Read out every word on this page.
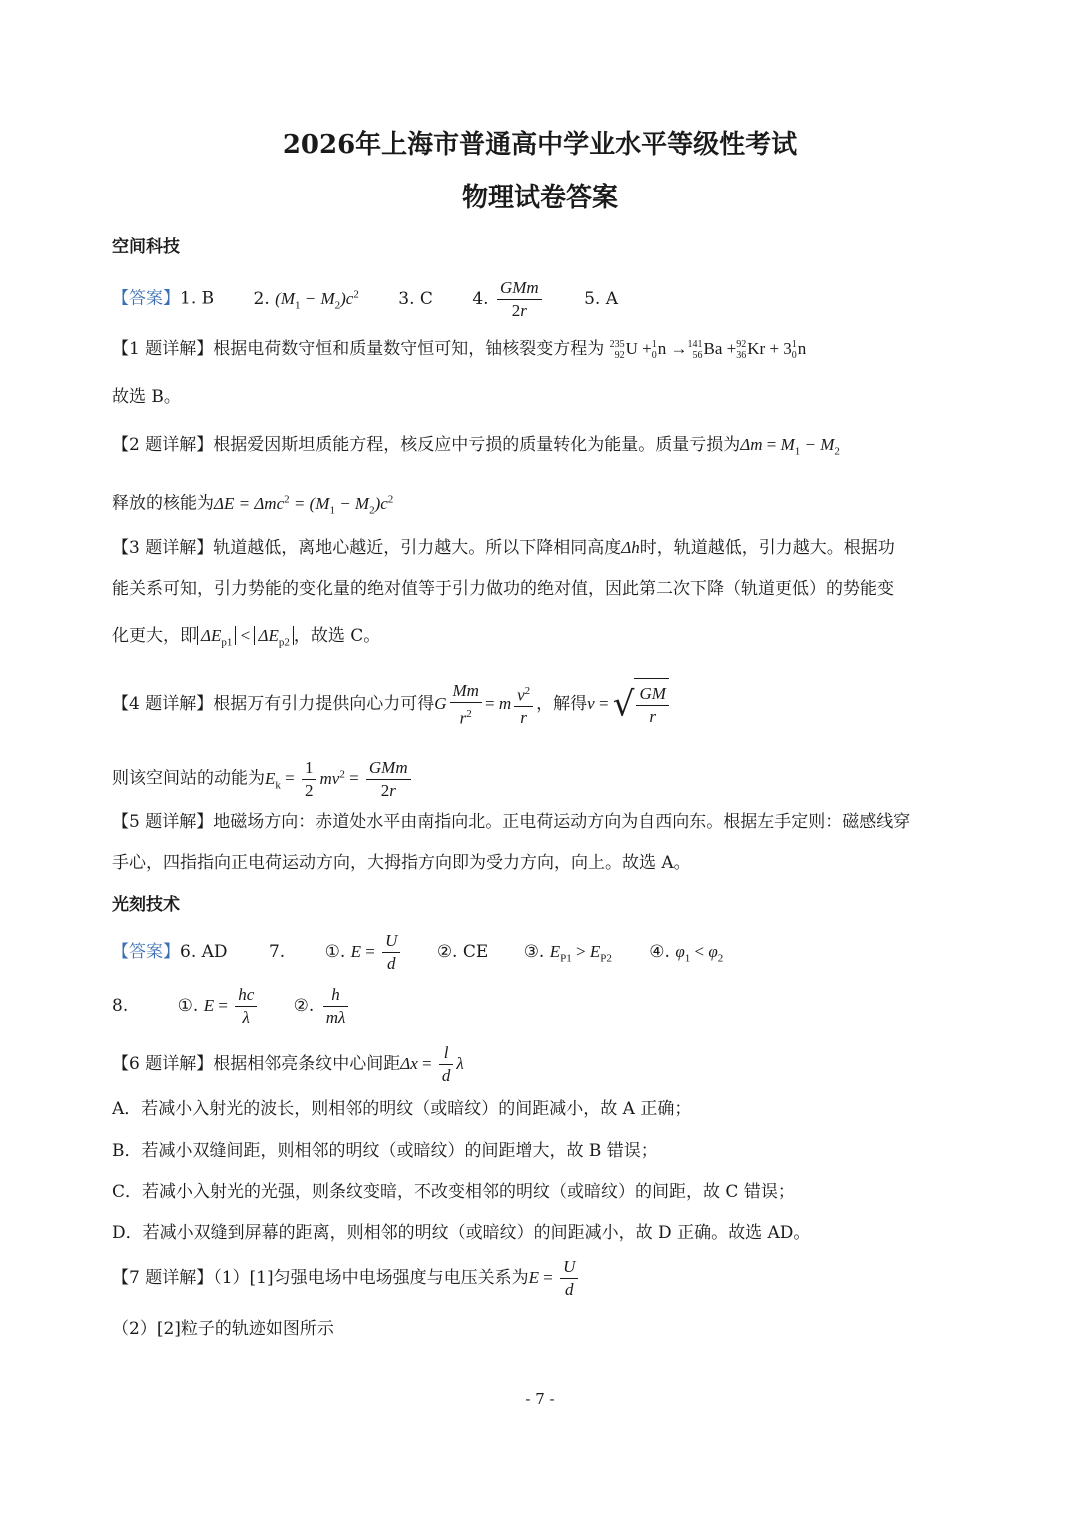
2026年上海市普通高中学业水平等级性考试
物理试卷答案
空间科技
【答案】1. B 2. $(M_1 - M_2)c^2$ 3. C 4. $\frac{\text{GMm}}{2r} 5$. A
【1 题详解】根据电荷数守恒和质量数守恒可知，铀核裂变方程为 235
92U +1
0n →141
56Ba +92
36Kr + 31
0n
故选 B。
【2 题详解】根据爱因斯坦质能方程，核反应中亏损的质量转化为能量。质量亏损为$\Delta m = M_1 - M_2$
释放的核能为$\Delta E = \Delta mc^2 = (M_1 - M_2)c^2$
【3 题详解】轨道越低，离地心越近，引力越大。所以下降相同高度Δh时，轨道越低，引力越大。根据功
能关系可知，引力势能的变化量的绝对值等于引力做功的绝对值，因此第二次下降（轨道更低）的势能变
化更大，即 $\Delta E_{p1} < \Delta E_{p2}$ ，故选 C。
【4 题详解】根据万有引力提供向心力可得G $\frac{Mm}{r^2} = m \frac{v^2}{r}$ ，解得v = √ $\frac{GM}{r}$
则该空间站的动能为$E_k = \frac{1}{2} mv^2 = \frac{\text{GMm}}{2r}$
【5 题详解】地磁场方向：赤道处水平由南指向北。正电荷运动方向为自西向东。根据左手定则：磁感线穿
手心，四指指向正电荷运动方向，大拇指方向即为受力方向，向上。故选 A。
光刻技术
【答案】6. AD 7. ①. $E = \frac{U}{d}$ ②. CE ③. $E_{P1} > E_{P2}$ ④. $\varphi_1 < \varphi_2$
8.	①. $E = \frac{hc}{\lambda}$ ②. $\frac{h}{m\lambda}$
【6 题详解】根据相邻亮条纹中心间距$\Delta x = \frac{l}{d}$ λ
A．若减小入射光的波长，则相邻的明纹（或暗纹）的间距减小，故 A 正确；
B．若减小双缝间距，则相邻的明纹（或暗纹）的间距增大，故 B 错误；
C．若减小入射光的光强，则条纹变暗，不改变相邻的明纹（或暗纹）的间距，故 C 错误；
D．若减小双缝到屏幕的距离，则相邻的明纹（或暗纹）的间距减小，故 D 正确。故选 AD。
【7 题详解】（1）[1]匀强电场中电场强度与电压关系为$E = \frac{U}{d}$
（2）[2]粒子的轨迹如图所示
- 7 -
